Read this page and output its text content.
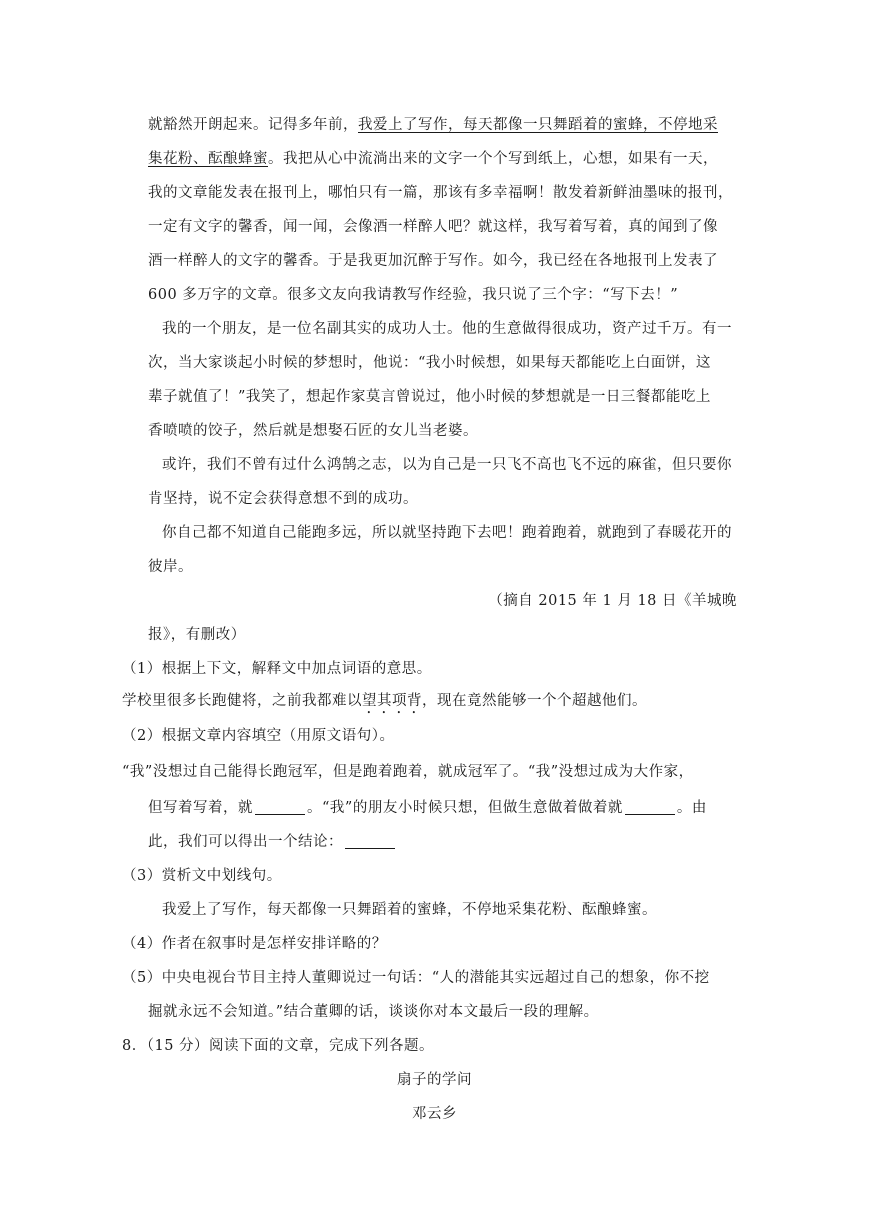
就豁然开朗起来。记得多年前，我爱上了写作，每天都像一只舞蹈着的蜜蜂，不停地采
集花粉、酝酿蜂蜜。我把从心中流淌出来的文字一个个写到纸上，心想，如果有一天，
我的文章能发表在报刊上，哪怕只有一篇，那该有多幸福啊！散发着新鲜油墨味的报刊，
一定有文字的馨香，闻一闻，会像酒一样醉人吧？就这样，我写着写着，真的闻到了像
酒一样醉人的文字的馨香。于是我更加沉醉于写作。如今，我已经在各地报刊上发表了
600 多万字的文章。很多文友向我请教写作经验，我只说了三个字：“写下去！”
我的一个朋友，是一位名副其实的成功人士。他的生意做得很成功，资产过千万。有一
次，当大家谈起小时候的梦想时，他说：“我小时候想，如果每天都能吃上白面饼，这
辈子就值了！”我笑了，想起作家莫言曾说过，他小时候的梦想就是一日三餐都能吃上
香喷喷的饺子，然后就是想娶石匠的女儿当老婆。
或许，我们不曾有过什么鸿鹄之志，以为自己是一只飞不高也飞不远的麻雀，但只要你
肯坚持，说不定会获得意想不到的成功。
你自己都不知道自己能跑多远，所以就坚持跑下去吧！跑着跑着，就跑到了春暖花开的
彼岸。
（摘自 2015 年 1 月 18 日《羊城晚
报》，有删改）
（1）根据上下文，解释文中加点词语的意思。
学校里很多长跑健将，之前我都难以望其项背，现在竟然能够一个个超越他们。
（2）根据文章内容填空（用原文语句）。
“我”没想过自己能得长跑冠军，但是跑着跑着，就成冠军了。“我”没想过成为大作家，
但写着写着，就	。“我”的朋友小时候只想，但做生意做着做着就	。由
此，我们可以得出一个结论：
（3）赏析文中划线句。
我爱上了写作，每天都像一只舞蹈着的蜜蜂，不停地采集花粉、酝酿蜂蜜。
（4）作者在叙事时是怎样安排详略的？
（5）中央电视台节目主持人董卿说过一句话：“人的潜能其实远超过自己的想象，你不挖
掘就永远不会知道。”结合董卿的话，谈谈你对本文最后一段的理解。
8．（15 分）阅读下面的文章，完成下列各题。
扇子的学问
邓云乡
